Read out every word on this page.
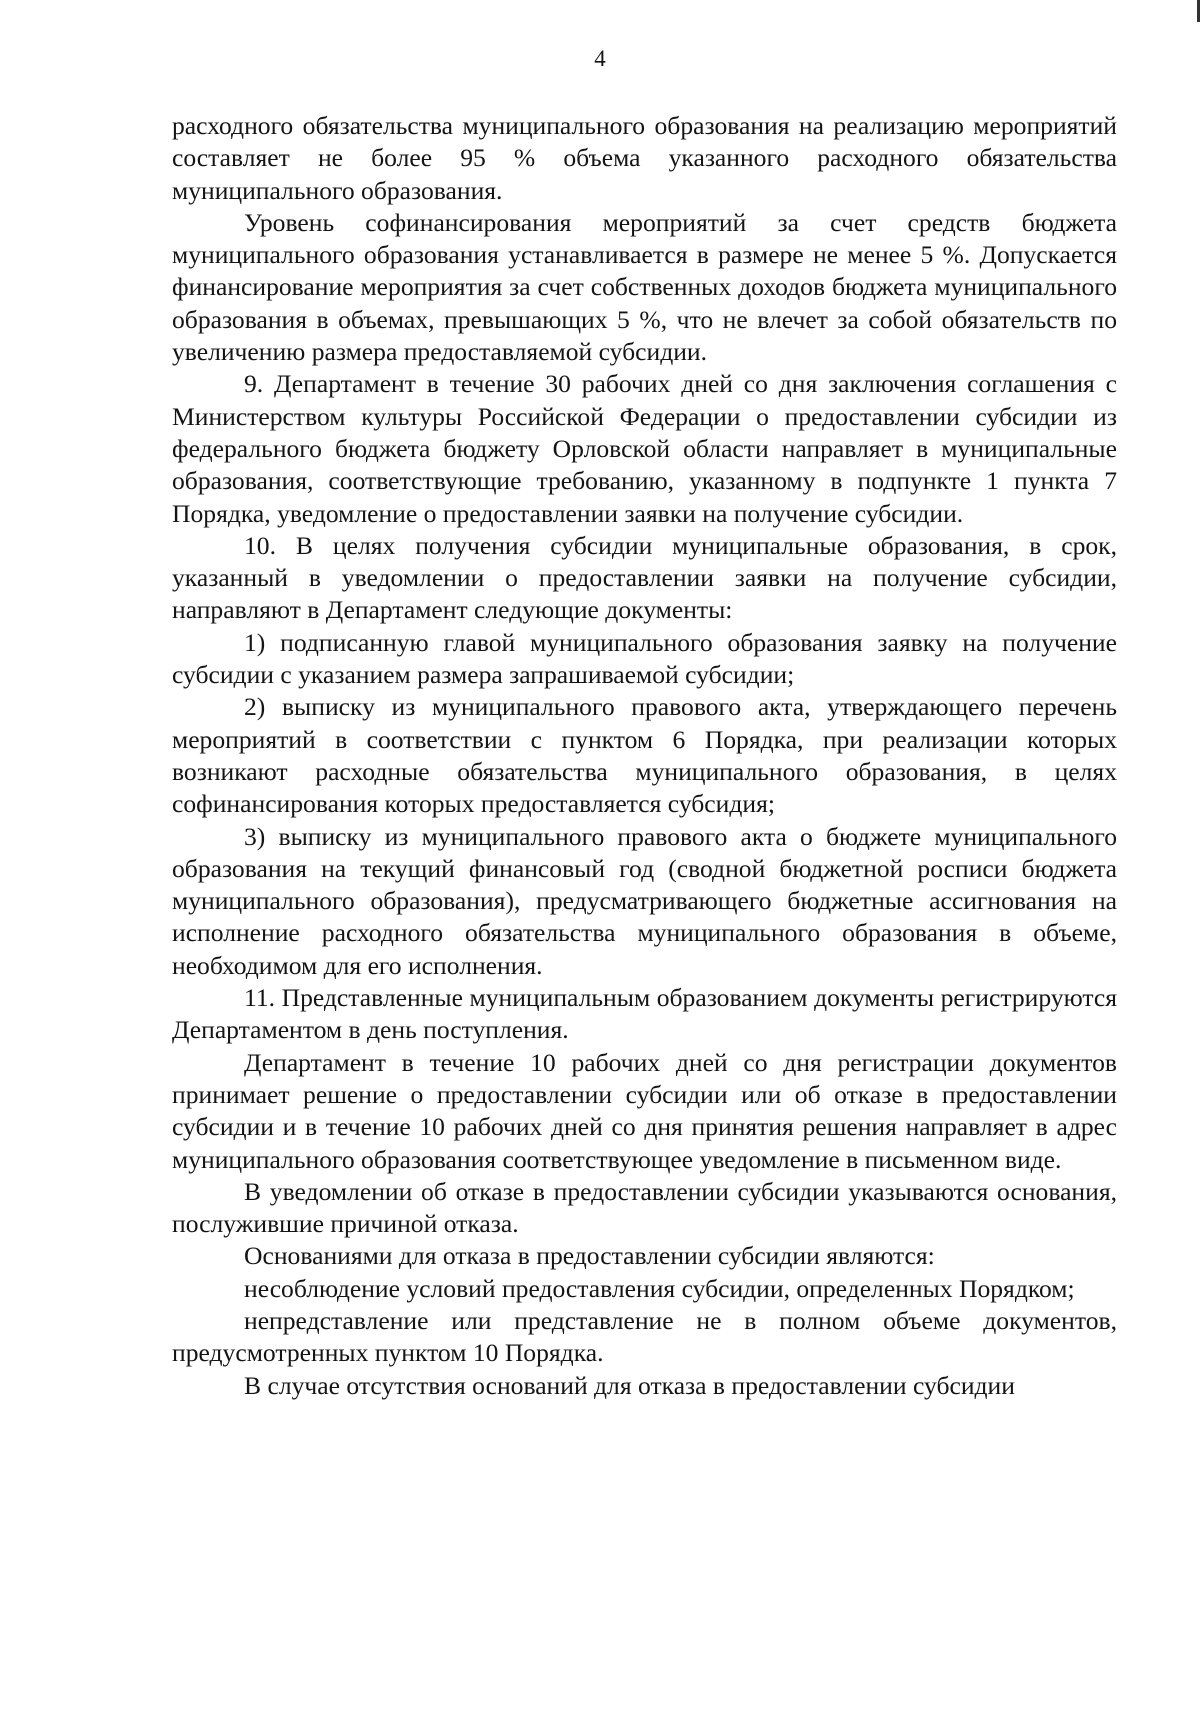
4

расходного обязательства муниципального образования на реализацию мероприятий составляет не более 95 % объема указанного расходного обязательства муниципального образования.

Уровень софинансирования мероприятий за счет средств бюджета муниципального образования устанавливается в размере не менее 5 %. Допускается финансирование мероприятия за счет собственных доходов бюджета муниципального образования в объемах, превышающих 5 %, что не влечет за собой обязательств по увеличению размера предоставляемой субсидии.

9. Департамент в течение 30 рабочих дней со дня заключения соглашения с Министерством культуры Российской Федерации о предоставлении субсидии из федерального бюджета бюджету Орловской области направляет в муниципальные образования, соответствующие требованию, указанному в подпункте 1 пункта 7 Порядка, уведомление о предоставлении заявки на получение субсидии.

10. В целях получения субсидии муниципальные образования, в срок, указанный в уведомлении о предоставлении заявки на получение субсидии, направляют в Департамент следующие документы:

1) подписанную главой муниципального образования заявку на получение субсидии с указанием размера запрашиваемой субсидии;

2) выписку из муниципального правового акта, утверждающего перечень мероприятий в соответствии с пунктом 6 Порядка, при реализации которых возникают расходные обязательства муниципального образования, в целях софинансирования которых предоставляется субсидия;

3) выписку из муниципального правового акта о бюджете муниципального образования на текущий финансовый год (сводной бюджетной росписи бюджета муниципального образования), предусматривающего бюджетные ассигнования на исполнение расходного обязательства муниципального образования в объеме, необходимом для его исполнения.

11. Представленные муниципальным образованием документы регистрируются Департаментом в день поступления.

Департамент в течение 10 рабочих дней со дня регистрации документов принимает решение о предоставлении субсидии или об отказе в предоставлении субсидии и в течение 10 рабочих дней со дня принятия решения направляет в адрес муниципального образования соответствующее уведомление в письменном виде.

В уведомлении об отказе в предоставлении субсидии указываются основания, послужившие причиной отказа.

Основаниями для отказа в предоставлении субсидии являются:

несоблюдение условий предоставления субсидии, определенных Порядком;

непредставление или представление не в полном объеме документов, предусмотренных пунктом 10 Порядка.

В случае отсутствия оснований для отказа в предоставлении субсидии
